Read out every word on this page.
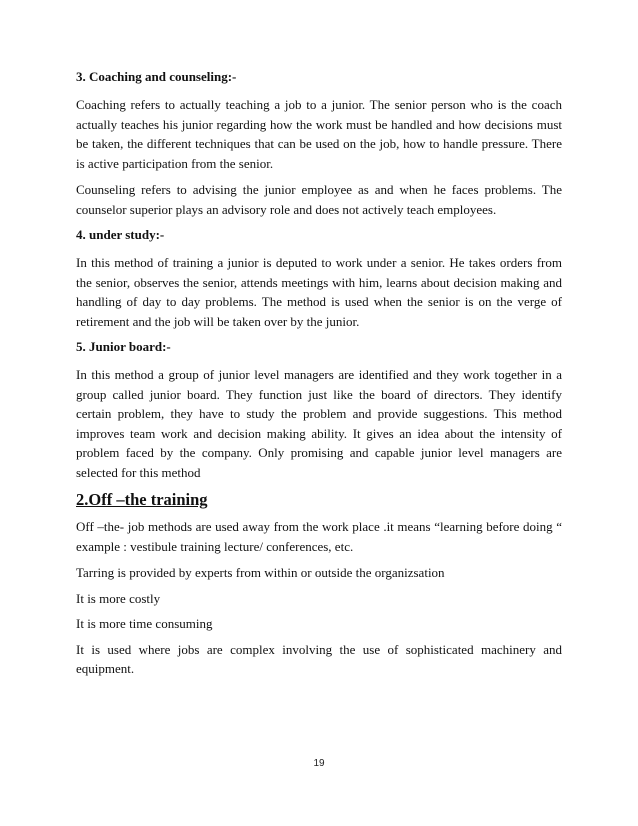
3. Coaching and counseling:-

Coaching refers to actually teaching a job to a junior. The senior person who is the coach actually teaches his junior regarding how the work must be handled and how decisions must be taken, the different techniques that can be used on the job, how to handle pressure. There is active participation from the senior.

Counseling refers to advising the junior employee as and when he faces problems. The counselor superior plays an advisory role and does not actively teach employees.

4. under study:-

In this method of training a junior is deputed to work under a senior. He takes orders from the senior, observes the senior, attends meetings with him, learns about decision making and handling of day to day problems. The method is used when the senior is on the verge of retirement and the job will be taken over by the junior.

5. Junior board:-

In this method a group of junior level managers are identified and they work together in a group called junior board. They function just like the board of directors. They identify certain problem, they have to study the problem and provide suggestions. This method improves team work and decision making ability. It gives an idea about the intensity of problem faced by the company. Only promising and capable junior level managers are selected for this method

2.Off –the training

Off –the- job methods are used away from the work place .it means “learning before doing “ example : vestibule training lecture/ conferences, etc.

Tarring is provided by experts from within or outside the organizsation

It is more costly

It is more time consuming

It is used where jobs are complex involving the use of sophisticated machinery and equipment.

19
